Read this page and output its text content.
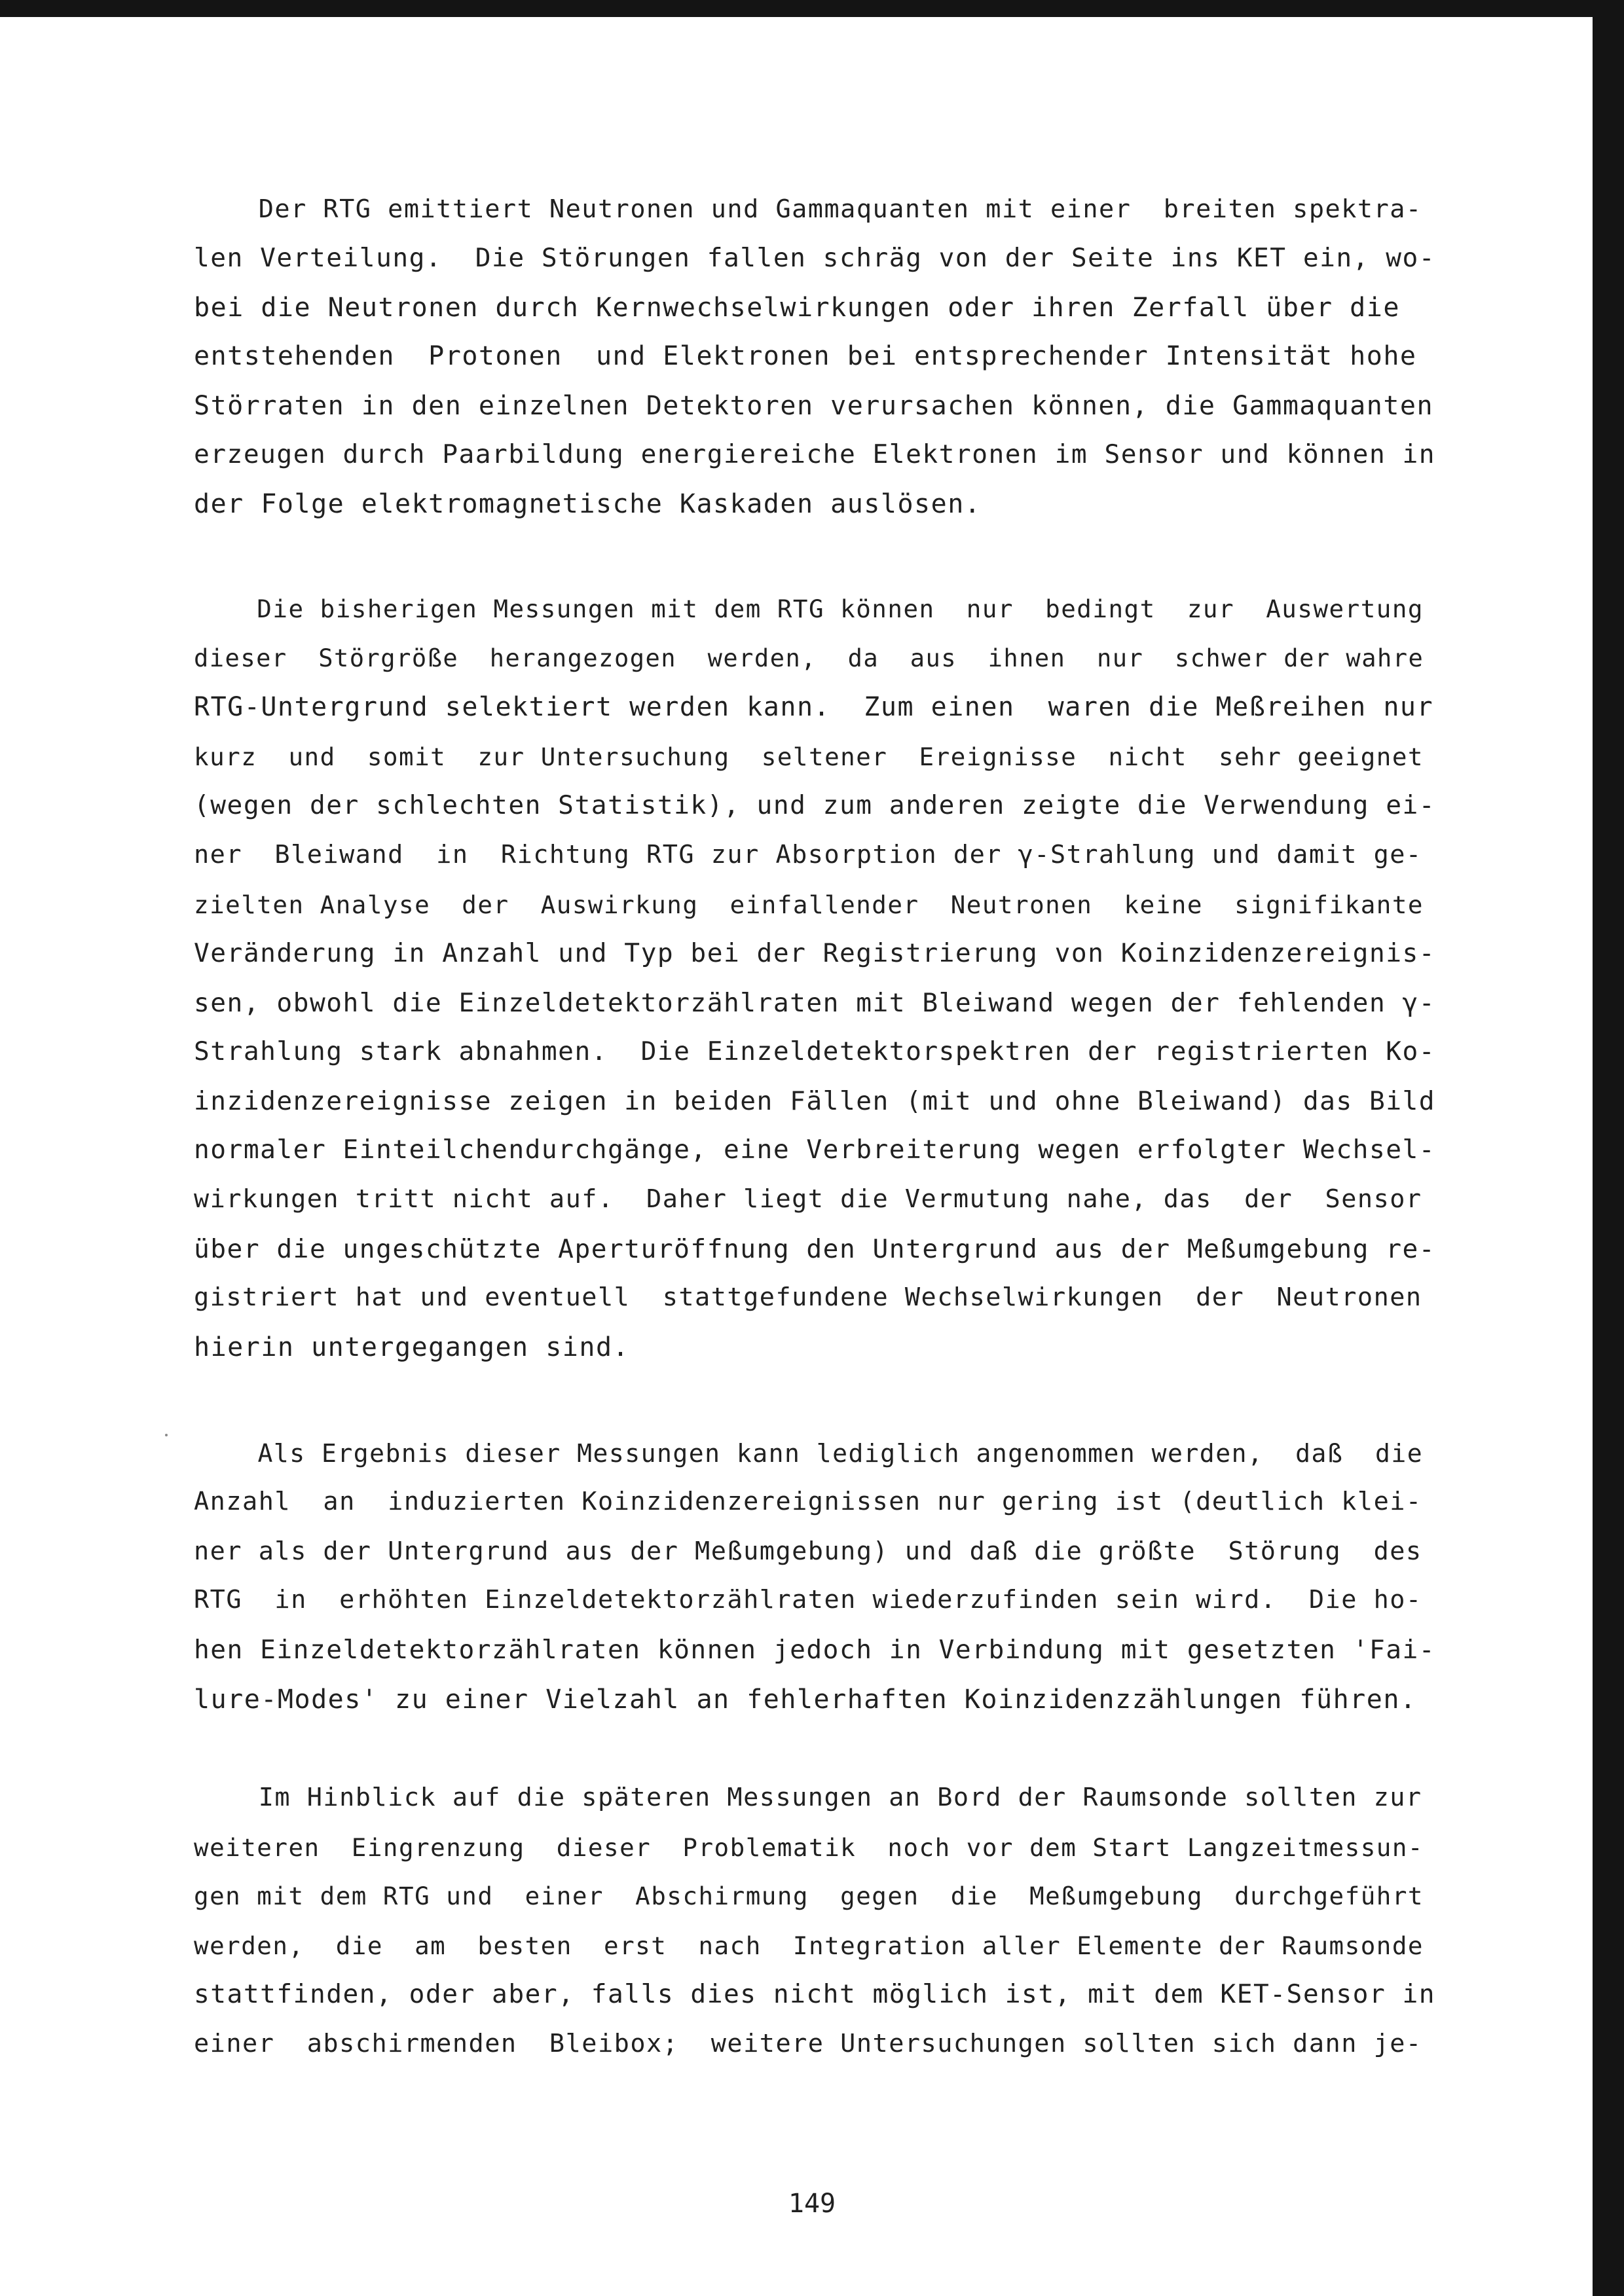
Der RTG emittiert Neutronen und Gammaquanten mit einer  breiten spektra-
len Verteilung.  Die Störungen fallen schräg von der Seite ins KET ein, wo-
bei die Neutronen durch Kernwechselwirkungen oder ihren Zerfall über die
entstehenden  Protonen  und Elektronen bei entsprechender Intensität hohe
Störraten in den einzelnen Detektoren verursachen können, die Gammaquanten
erzeugen durch Paarbildung energiereiche Elektronen im Sensor und können in
der Folge elektromagnetische Kaskaden auslösen.
Die bisherigen Messungen mit dem RTG können  nur  bedingt  zur  Auswertung
dieser  Störgröße  herangezogen  werden,  da  aus  ihnen  nur  schwer der wahre
RTG-Untergrund selektiert werden kann.  Zum einen  waren die Meßreihen nur
kurz  und  somit  zur Untersuchung  seltener  Ereignisse  nicht  sehr geeignet
(wegen der schlechten Statistik), und zum anderen zeigte die Verwendung ei-
ner  Bleiwand  in  Richtung RTG zur Absorption der γ-Strahlung und damit ge-
zielten Analyse  der  Auswirkung  einfallender  Neutronen  keine  signifikante
Veränderung in Anzahl und Typ bei der Registrierung von Koinzidenzereignis-
sen, obwohl die Einzeldetektorzählraten mit Bleiwand wegen der fehlenden γ-
Strahlung stark abnahmen.  Die Einzeldetektorspektren der registrierten Ko-
inzidenzereignisse zeigen in beiden Fällen (mit und ohne Bleiwand) das Bild
normaler Einteilchendurchgänge, eine Verbreiterung wegen erfolgter Wechsel-
wirkungen tritt nicht auf.  Daher liegt die Vermutung nahe, das  der  Sensor
über die ungeschützte Aperturöffnung den Untergrund aus der Meßumgebung re-
gistriert hat und eventuell  stattgefundene Wechselwirkungen  der  Neutronen
hierin untergegangen sind.
Als Ergebnis dieser Messungen kann lediglich angenommen werden,  daß  die
Anzahl  an  induzierten Koinzidenzereignissen nur gering ist (deutlich klei-
ner als der Untergrund aus der Meßumgebung) und daß die größte  Störung  des
RTG  in  erhöhten Einzeldetektorzählraten wiederzufinden sein wird.  Die ho-
hen Einzeldetektorzählraten können jedoch in Verbindung mit gesetzten 'Fai-
lure-Modes' zu einer Vielzahl an fehlerhaften Koinzidenzzählungen führen.
Im Hinblick auf die späteren Messungen an Bord der Raumsonde sollten zur
weiteren  Eingrenzung  dieser  Problematik  noch vor dem Start Langzeitmessun-
gen mit dem RTG und  einer  Abschirmung  gegen  die  Meßumgebung  durchgeführt
werden,  die  am  besten  erst  nach  Integration aller Elemente der Raumsonde
stattfinden, oder aber, falls dies nicht möglich ist, mit dem KET-Sensor in
einer  abschirmenden  Bleibox;  weitere Untersuchungen sollten sich dann je-
149
